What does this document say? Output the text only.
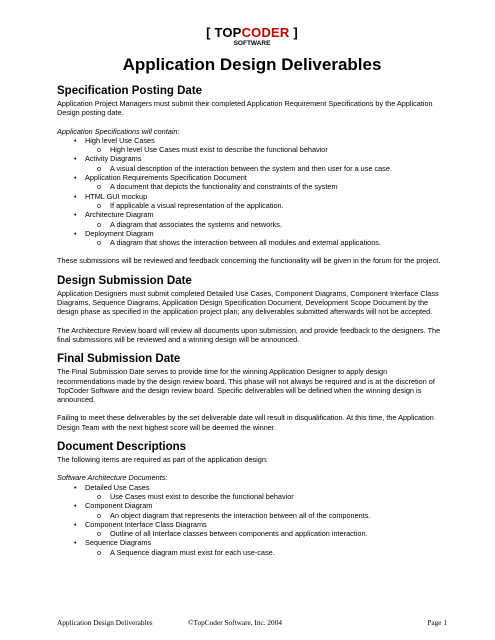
[ TOPCODER ]
SOFTWARE
Application Design Deliverables
Specification Posting Date

Application Project Managers must submit their completed Application Requirement Specifications by the Application Design posting date.

Application Specifications will contain:

• High level Use Cases
o High level Use Cases must exist to describe the functional behavior
• Activity Diagrams
o A visual description of the interaction between the system and then user for a use case.
• Application Requirements Specification Document
o A document that depicts the functionality and constraints of the system
• HTML GUI mockup
o If applicable a visual representation of the application.
• Architecture Diagram
o A diagram that associates the systems and networks.
• Deployment Diagram
o A diagram that shows the interaction between all modules and external applications.

These submissions will be reviewed and feedback concerning the functionality will be given in the forum for the project.

Design Submission Date

Application Designers must submit completed Detailed Use Cases, Component Diagrams, Component Interface Class Diagrams, Sequence Diagrams, Application Design Specification Document, Development Scope Document by the design phase as specified in the application project plan; any deliverables submitted afterwards will not be accepted.

The Architecture Review board will review all documents upon submission, and provide feedback to the designers. The final submissions will be reviewed and a winning design will be announced.

Final Submission Date

The Final Submission Date serves to provide time for the winning Application Designer to apply design recommendations made by the design review board. This phase will not always be required and is at the discretion of TopCoder Software and the design review board. Specific deliverables will be defined when the winning design is announced.

Failing to meet these deliverables by the set deliverable date will result in disqualification. At this time, the Application Design Team with the next highest score will be deemed the winner.

Document Descriptions

The following items are required as part of the application design:

Software Architecture Documents:

• Detailed Use Cases
o Use Cases must exist to describe the functional behavior
• Component Diagram
o An object diagram that represents the interaction between all of the components.
• Component Interface Class Diagrams
o Outline of all Interface classes between components and application interaction.
• Sequence Diagrams
o A Sequence diagram must exist for each use-case.
Application Design Deliverables	©TopCoder Software, Inc. 2004	Page 1
